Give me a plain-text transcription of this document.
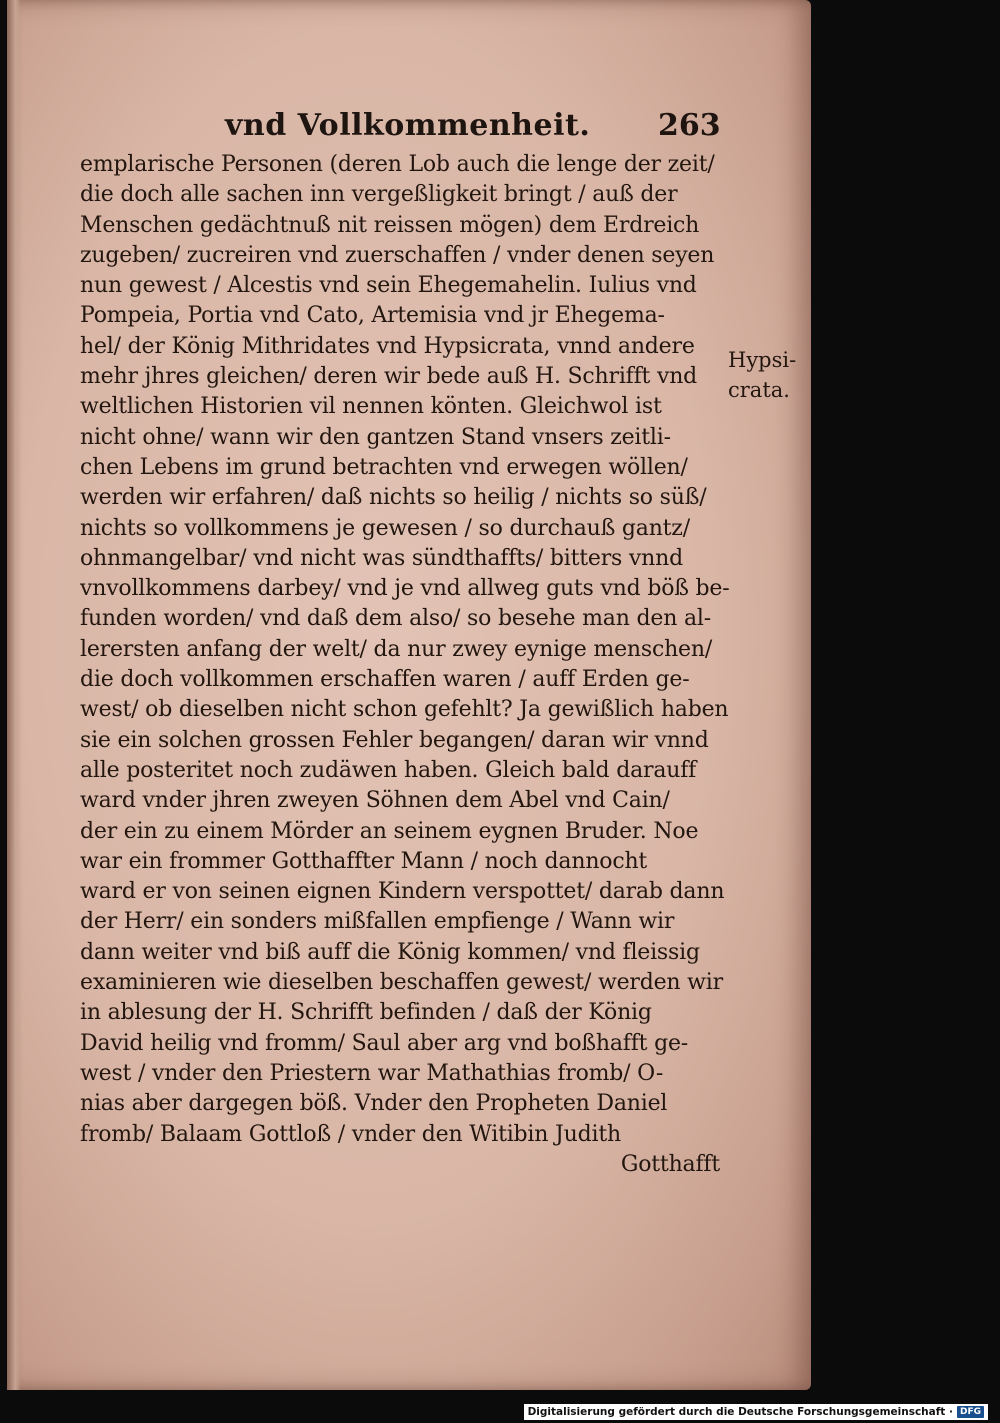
vnd Vollkommenheit.	263
emplarische Personen (deren Lob auch die lenge der zeit/
die doch alle sachen inn vergeßligkeit bringt / auß der
Menschen gedächtnuß nit reissen mögen) dem Erdreich
zugeben/ zucreiren vnd zuerschaffen / vnder denen seyen
nun gewest / Alcestis vnd sein Ehegemahelin. Iulius vnd
Pompeia, Portia vnd Cato, Artemisia vnd jr Ehegema-
hel/ der König Mithridates vnd Hypsicrata, vnnd andere
mehr jhres gleichen/ deren wir bede auß H. Schrifft vnd
weltlichen Historien vil nennen könten. Gleichwol ist
nicht ohne/ wann wir den gantzen Stand vnsers zeitli-
chen Lebens im grund betrachten vnd erwegen wöllen/
werden wir erfahren/ daß nichts so heilig / nichts so süß/
nichts so vollkommens je gewesen / so durchauß gantz/
ohnmangelbar/ vnd nicht was sündthaffts/ bitters vnnd
vnvollkommens darbey/ vnd je vnd allweg guts vnd böß be-
funden worden/ vnd daß dem also/ so besehe man den al-
lerersten anfang der welt/ da nur zwey eynige menschen/
die doch vollkommen erschaffen waren / auff Erden ge-
west/ ob dieselben nicht schon gefehlt? Ja gewißlich haben
sie ein solchen grossen Fehler begangen/ daran wir vnnd
alle posteritet noch zudäwen haben. Gleich bald darauff
ward vnder jhren zweyen Söhnen dem Abel vnd Cain/
der ein zu einem Mörder an seinem eygnen Bruder. Noe
war ein frommer Gotthaffter Mann / noch dannocht
ward er von seinen eignen Kindern verspottet/ darab dann
der Herr/ ein sonders mißfallen empfienge / Wann wir
dann weiter vnd biß auff die König kommen/ vnd fleissig
examinieren wie dieselben beschaffen gewest/ werden wir
in ablesung der H. Schrifft befinden / daß der König
David heilig vnd fromm/ Saul aber arg vnd boßhafft ge-
west / vnder den Priestern war Mathathias fromb/ O-
nias aber dargegen böß. Vnder den Propheten Daniel
fromb/ Balaam Gottloß / vnder den Witibin Judith
Gotthafft
Hypsi-
crata.
Digitalisierung gefördert durch die Deutsche Forschungsgemeinschaft · DFG
